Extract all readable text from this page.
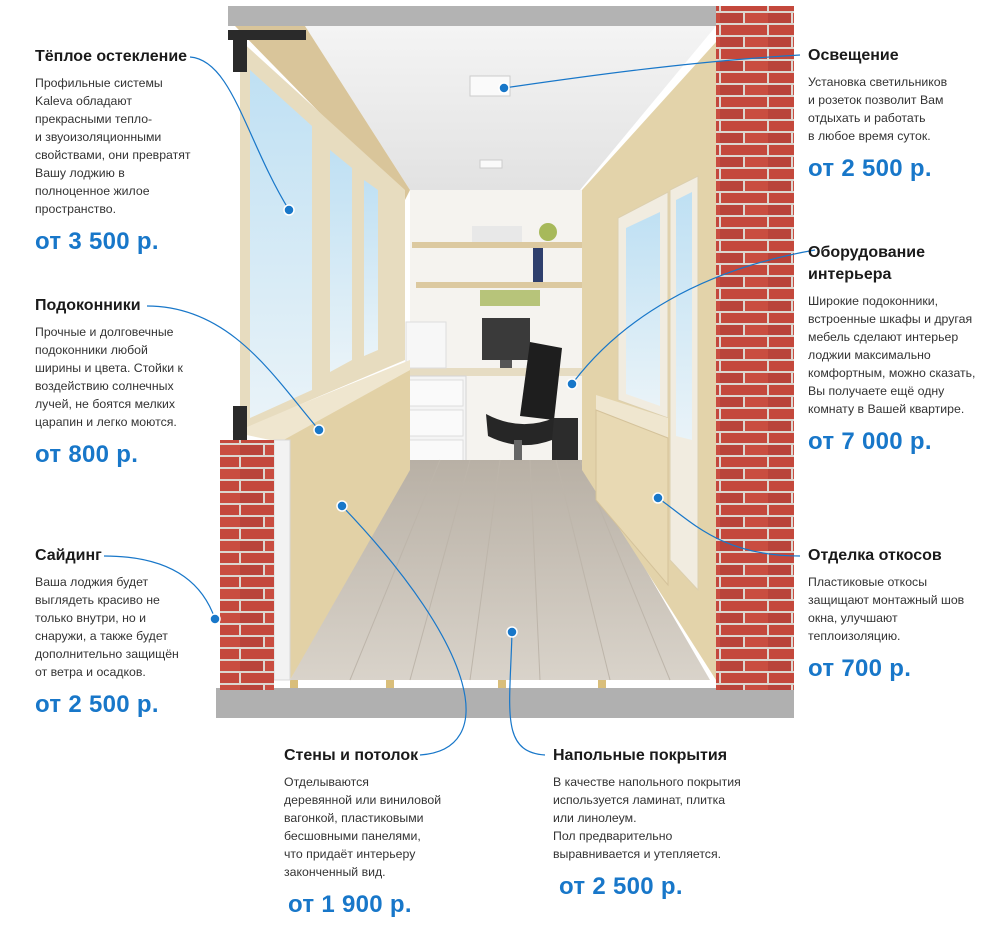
Тёплое остекление

Профильные системы
Kaleva обладают
прекрасными тепло-
и звуоизоляционными
свойствами, они превратят
Вашу лоджию в
полноценное жилое
пространство.

от 3 500 р.
Подоконники

Прочные и долговечные
подоконники любой
ширины и цвета. Стойки к
воздействию солнечных
лучей, не боятся мелких
царапин и легко моются.

от 800 р.
Сайдинг

Ваша лоджия будет
выглядеть красиво не
только внутри, но и
снаружи, а также будет
дополнительно защищён
от ветра и осадков.

от 2 500 р.
Освещение

Установка светильников
и розеток позволит Вам
отдыхать и работать
в любое время суток.

от 2 500 р.
Оборудование
интерьера

Широкие подоконники,
встроенные шкафы и другая
мебель сделают интерьер
лоджии максимально
комфортным, можно сказать,
Вы получаете ещё одну
комнату в Вашей квартире.

от 7 000 р.
Отделка откосов

Пластиковые откосы
защищают монтажный шов
окна, улучшают
теплоизоляцию.

от 700 р.
Стены и потолок

Отделываются
деревянной или виниловой
вагонкой, пластиковыми
бесшовными панелями,
что придаёт интерьеру
законченный вид.

от 1 900 р.
Напольные покрытия

В качестве напольного покрытия
используется ламинат, плитка
или линолеум.
Пол предварительно
выравнивается и утепляется.

от 2 500 р.
